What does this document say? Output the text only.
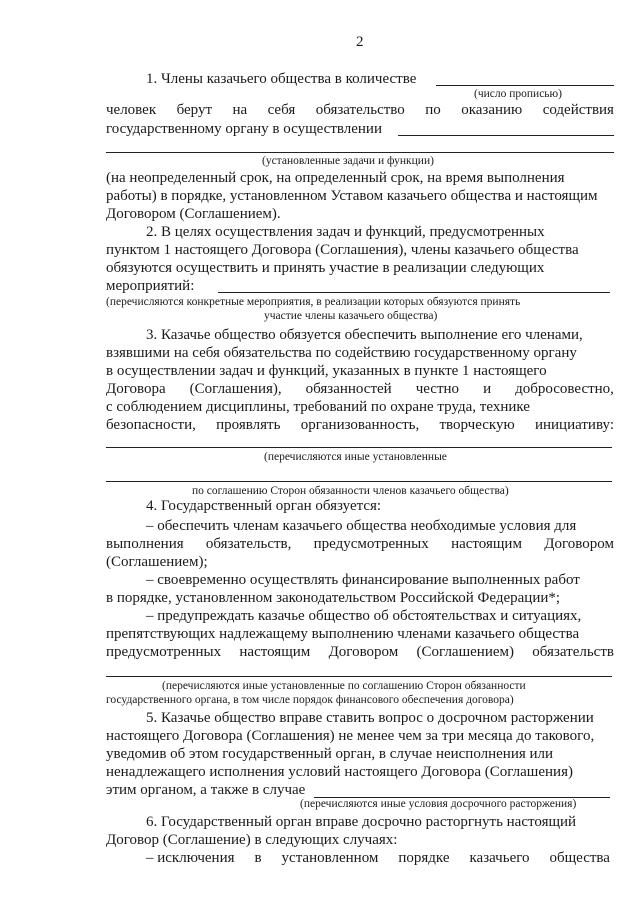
2
1. Члены казачьего общества в количестве
(число прописью)
человек берут на себя обязательство по оказанию содействия
государственному органу в осуществлении
(установленные задачи и функции)
(на неопределенный срок, на определенный срок, на время выполнения
работы) в порядке, установленном Уставом казачьего общества и настоящим
Договором (Соглашением).
2. В целях осуществления задач и функций, предусмотренных
пунктом 1 настоящего Договора (Соглашения), члены казачьего общества
обязуются осуществить и принять участие в реализации следующих
мероприятий:
(перечисляются конкретные мероприятия, в реализации которых обязуются принять
участие члены казачьего общества)
3. Казачье общество обязуется обеспечить выполнение его членами,
взявшими на себя обязательства по содействию государственному органу
в осуществлении задач и функций, указанных в пункте 1 настоящего
Договора (Соглашения), обязанностей честно и добросовестно,
с соблюдением дисциплины, требований по охране труда, технике
безопасности, проявлять организованность, творческую инициативу:
(перечисляются иные установленные
по соглашению Сторон обязанности членов казачьего общества)
4. Государственный орган обязуется:
– обеспечить членам казачьего общества необходимые условия для
выполнения обязательств, предусмотренных настоящим Договором
(Соглашением);
– своевременно осуществлять финансирование выполненных работ
в порядке, установленном законодательством Российской Федерации*;
– предупреждать казачье общество об обстоятельствах и ситуациях,
препятствующих надлежащему выполнению членами казачьего общества
предусмотренных настоящим Договором (Соглашением) обязательств
(перечисляются иные установленные по соглашению Сторон обязанности
государственного органа, в том числе порядок финансового обеспечения договора)
5. Казачье общество вправе ставить вопрос о досрочном расторжении
настоящего Договора (Соглашения) не менее чем за три месяца до такового,
уведомив об этом государственный орган, в случае неисполнения или
ненадлежащего исполнения условий настоящего Договора (Соглашения)
этим органом, а также в случае
(перечисляются иные условия досрочного расторжения)
6. Государственный орган вправе досрочно расторгнуть настоящий
Договор (Соглашение) в следующих случаях:
– исключения в установленном порядке казачьего общества
